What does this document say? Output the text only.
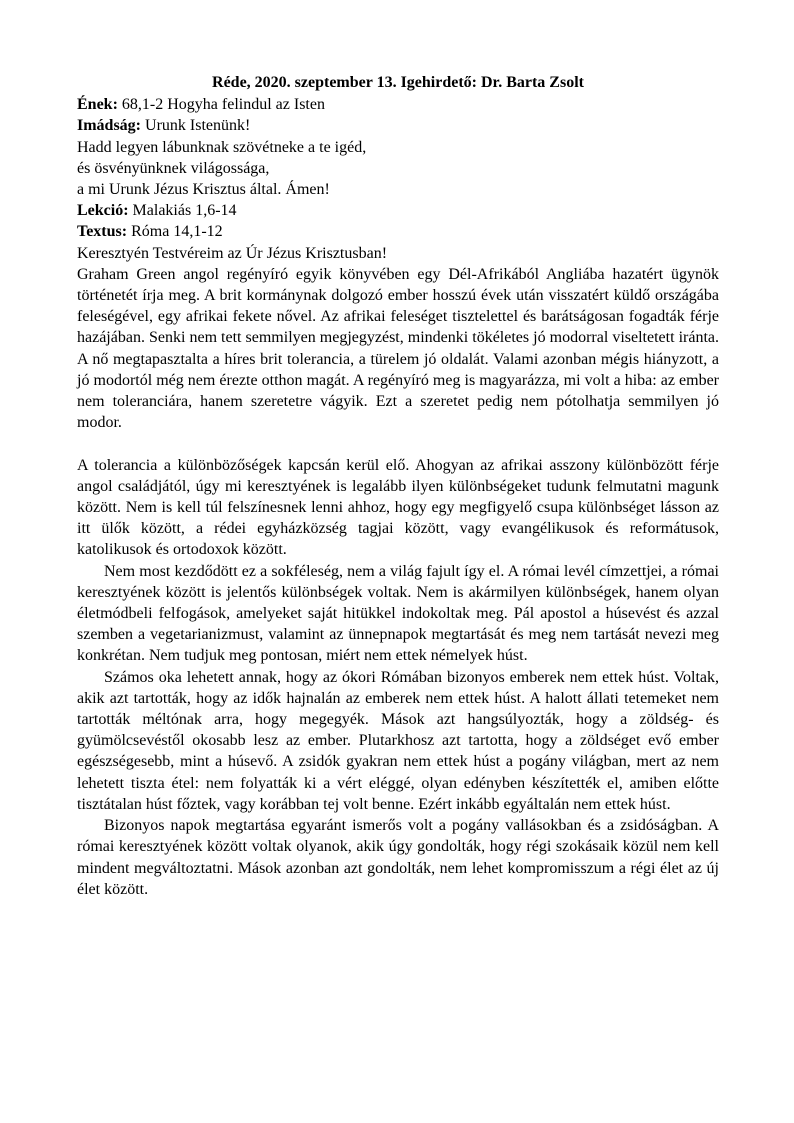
Réde, 2020. szeptember 13. Igehirdető: Dr. Barta Zsolt

Ének: 68,1-2 Hogyha felindul az Isten

Imádság: Urunk Istenünk!

Hadd legyen lábunknak szövétneke a te igéd,

és ösvényünknek világossága,

a mi Urunk Jézus Krisztus által. Ámen!

Lekció: Malakiás 1,6-14

Textus: Róma 14,1-12

Keresztyén Testvéreim az Úr Jézus Krisztusban!

Graham Green angol regényíró egyik könyvében egy Dél-Afrikából Angliába hazatért ügynök történetét írja meg. A brit kormánynak dolgozó ember hosszú évek után visszatért küldő országába feleségével, egy afrikai fekete nővel. Az afrikai feleséget tisztelettel és barátságosan fogadták férje hazájában. Senki nem tett semmilyen megjegyzést, mindenki tökéletes jó modorral viseltetett iránta. A nő megtapasztalta a híres brit tolerancia, a türelem jó oldalát. Valami azonban mégis hiányzott, a jó modortól még nem érezte otthon magát. A regényíró meg is magyarázza, mi volt a hiba: az ember nem toleranciára, hanem szeretetre vágyik. Ezt a szeretet pedig nem pótolhatja semmilyen jó modor.

A tolerancia a különbözőségek kapcsán kerül elő. Ahogyan az afrikai asszony különbözött férje angol családjától, úgy mi keresztyének is legalább ilyen különbségeket tudunk felmutatni magunk között. Nem is kell túl felszínesnek lenni ahhoz, hogy egy megfigyelő csupa különbséget lásson az itt ülők között, a rédei egyházközség tagjai között, vagy evangélikusok és reformátusok, katolikusok és ortodoxok között.

Nem most kezdődött ez a sokféleség, nem a világ fajult így el. A római levél címzettjei, a római keresztyének között is jelentős különbségek voltak. Nem is akármilyen különbségek, hanem olyan életmódbeli felfogások, amelyeket saját hitükkel indokoltak meg. Pál apostol a húsevést és azzal szemben a vegetarianizmust, valamint az ünnepnapok megtartását és meg nem tartását nevezi meg konkrétan. Nem tudjuk meg pontosan, miért nem ettek némelyek húst.

Számos oka lehetett annak, hogy az ókori Rómában bizonyos emberek nem ettek húst. Voltak, akik azt tartották, hogy az idők hajnalán az emberek nem ettek húst. A halott állati tetemeket nem tartották méltónak arra, hogy megegyék. Mások azt hangsúlyozták, hogy a zöldség- és gyümölcsevéstől okosabb lesz az ember. Plutarkhosz azt tartotta, hogy a zöldséget evő ember egészségesebb, mint a húsevő. A zsidók gyakran nem ettek húst a pogány világban, mert az nem lehetett tiszta étel: nem folyatták ki a vért eléggé, olyan edényben készítették el, amiben előtte tisztátalan húst főztek, vagy korábban tej volt benne. Ezért inkább egyáltalán nem ettek húst.

Bizonyos napok megtartása egyaránt ismerős volt a pogány vallásokban és a zsidóságban. A római keresztyének között voltak olyanok, akik úgy gondolták, hogy régi szokásaik közül nem kell mindent megváltoztatni. Mások azonban azt gondolták, nem lehet kompromisszum a régi élet az új élet között.
